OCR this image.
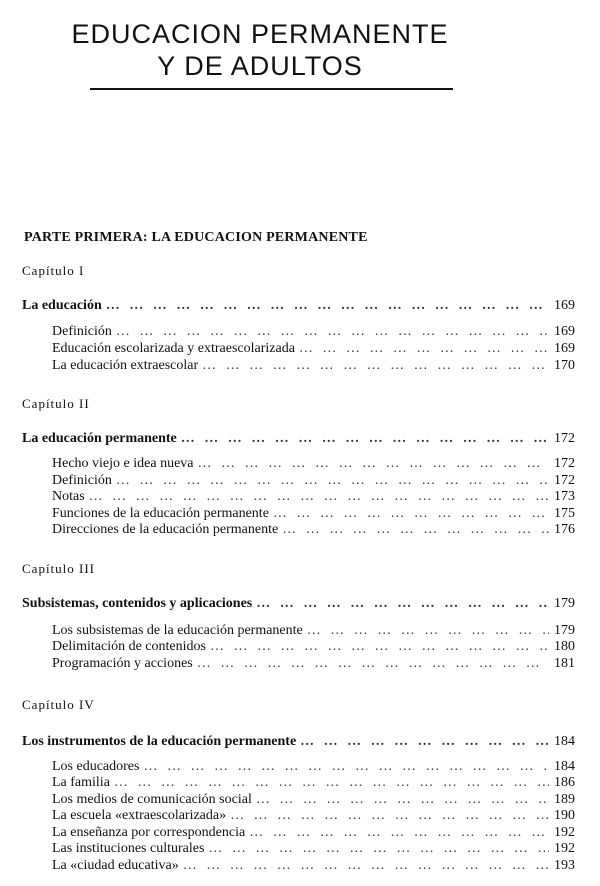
EDUCACION PERMANENTE
Y DE ADULTOS
PARTE PRIMERA: LA EDUCACION PERMANENTE
Capítulo I
La educación … … … … … … … … … … … … … … … … … … … … … … … … … … … … … … … … … … … … … … … … … … …	169
Definición … … … … … … … … … … … … … … … … … … … … … … … … … … … … … … … … … … … … … … … … … … …	169
Educación escolarizada y extraescolarizada … … … … … … … … … … … … … … … … … … … … … … … … … … … … … … … … … … … … … … … … … … …	169
La educación extraescolar … … … … … … … … … … … … … … … … … … … … … … … … … … … … … … … … … … … … … … … … … … …	170
Capítulo II
La educación permanente … … … … … … … … … … … … … … … … … … … … … … … … … … … … … … … … … … … … … … … … … … …	172
Hecho viejo e idea nueva … … … … … … … … … … … … … … … … … … … … … … … … … … … … … … … … … … … … … … … … … … …	172
Definición … … … … … … … … … … … … … … … … … … … … … … … … … … … … … … … … … … … … … … … … … … …	172
Notas … … … … … … … … … … … … … … … … … … … … … … … … … … … … … … … … … … … … … … … … … … …	173
Funciones de la educación permanente … … … … … … … … … … … … … … … … … … … … … … … … … … … … … … … … … … … … … … … … … … …	175
Direcciones de la educación permanente … … … … … … … … … … … … … … … … … … … … … … … … … … … … … … … … … … … … … … … … … … …	176
Capítulo III
Subsistemas, contenidos y aplicaciones … … … … … … … … … … … … … … … … … … … … … … … … … … … … … … … … … … … … … … … … … … …	179
Los subsistemas de la educación permanente … … … … … … … … … … … … … … … … … … … … … … … … … … … … … … … … … … … … … … … … … … …	179
Delimitación de contenidos … … … … … … … … … … … … … … … … … … … … … … … … … … … … … … … … … … … … … … … … … … …	180
Programación y acciones … … … … … … … … … … … … … … … … … … … … … … … … … … … … … … … … … … … … … … … … … … …	181
Capítulo IV
Los instrumentos de la educación permanente … … … … … … … … … … … … … … … … … … … … … … … … … … … … … … … … … … … … … … … … … … …	184
Los educadores … … … … … … … … … … … … … … … … … … … … … … … … … … … … … … … … … … … … … … … … … … …	184
La familia … … … … … … … … … … … … … … … … … … … … … … … … … … … … … … … … … … … … … … … … … … …	186
Los medios de comunicación social … … … … … … … … … … … … … … … … … … … … … … … … … … … … … … … … … … … … … … … … … … …	189
La escuela «extraescolarizada» … … … … … … … … … … … … … … … … … … … … … … … … … … … … … … … … … … … … … … … … … … …	190
La enseñanza por correspondencia … … … … … … … … … … … … … … … … … … … … … … … … … … … … … … … … … … … … … … … … … … …	192
Las instituciones culturales … … … … … … … … … … … … … … … … … … … … … … … … … … … … … … … … … … … … … … … … … … …	192
La «ciudad educativa» … … … … … … … … … … … … … … … … … … … … … … … … … … … … … … … … … … … … … … … … … … …	193
